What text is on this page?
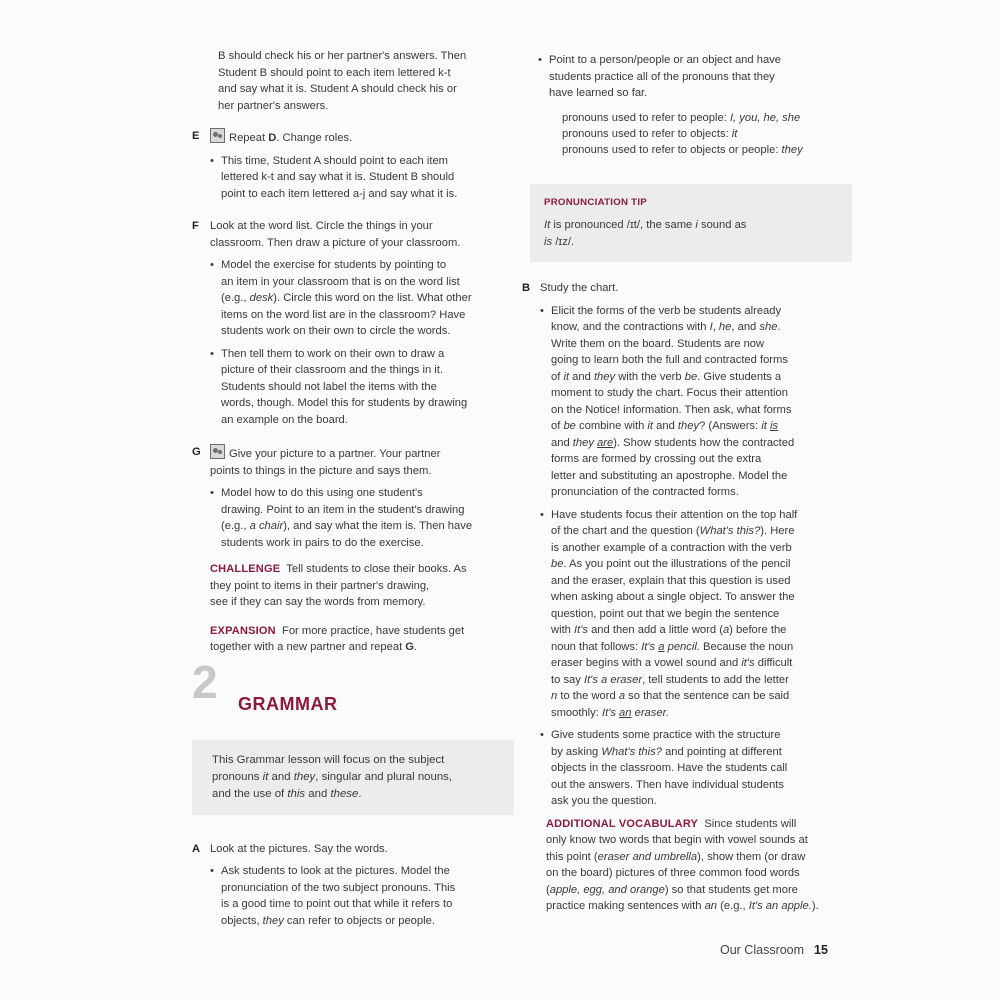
B should check his or her partner's answers. Then

Student B should point to each item lettered k-t

and say what it is. Student A should check his or

her partner's answers.

E	Repeat D. Change roles.

• This time, Student A should point to each item

lettered k-t and say what it is. Student B should

point to each item lettered a-j and say what it is.

F Look at the word list. Circle the things in your

classroom. Then draw a picture of your classroom.

• Model the exercise for students by pointing to

an item in your classroom that is on the word list

(e.g., desk). Circle this word on the list. What other

items on the word list are in the classroom? Have

students work on their own to circle the words.

• Then tell them to work on their own to draw a

picture of their classroom and the things in it.

Students should not label the items with the

words, though. Model this for students by drawing

an example on the board.

G	Give your picture to a partner. Your partner

points to things in the picture and says them.

• Model how to do this using one student's

drawing. Point to an item in the student's drawing

(e.g., a chair), and say what the item is. Then have

students work in pairs to do the exercise.

CHALLENGE Tell students to close their books. As

they point to items in their partner's drawing,

see if they can say the words from memory.

EXPANSION For more practice, have students get

together with a new partner and repeat G.

2 GRAMMAR

This Grammar lesson will focus on the subject

pronouns it and they, singular and plural nouns,

and the use of this and these.

A Look at the pictures. Say the words.

• Ask students to look at the pictures. Model the

pronunciation of the two subject pronouns. This

is a good time to point out that while it refers to

objects, they can refer to objects or people.

• Point to a person/people or an object and have

students practice all of the pronouns that they

have learned so far.

pronouns used to refer to people: I, you, he, she

pronouns used to refer to objects: it

pronouns used to refer to objects or people: they

PRONUNCIATION TIP

It is pronounced /ɪt/, the same i sound as

is /ɪz/.

B Study the chart.

• Elicit the forms of the verb be students already

know, and the contractions with I, he, and she.

Write them on the board. Students are now

going to learn both the full and contracted forms

of it and they with the verb be. Give students a

moment to study the chart. Focus their attention

on the Notice! information. Then ask, what forms

of be combine with it and they? (Answers: it is

and they are). Show students how the contracted

forms are formed by crossing out the extra

letter and substituting an apostrophe. Model the

pronunciation of the contracted forms.

• Have students focus their attention on the top half

of the chart and the question (What's this?). Here

is another example of a contraction with the verb

be. As you point out the illustrations of the pencil

and the eraser, explain that this question is used

when asking about a single object. To answer the

question, point out that we begin the sentence

with It's and then add a little word (a) before the

noun that follows: It's a pencil. Because the noun

eraser begins with a vowel sound and it's difficult

to say It's a eraser, tell students to add the letter

n to the word a so that the sentence can be said

smoothly: It's an eraser.

• Give students some practice with the structure

by asking What's this? and pointing at different

objects in the classroom. Have the students call

out the answers. Then have individual students

ask you the question.

ADDITIONAL VOCABULARY Since students will

only know two words that begin with vowel sounds at

this point (eraser and umbrella), show them (or draw

on the board) pictures of three common food words

(apple, egg, and orange) so that students get more

practice making sentences with an (e.g., It's an apple.).

Our Classroom 15
